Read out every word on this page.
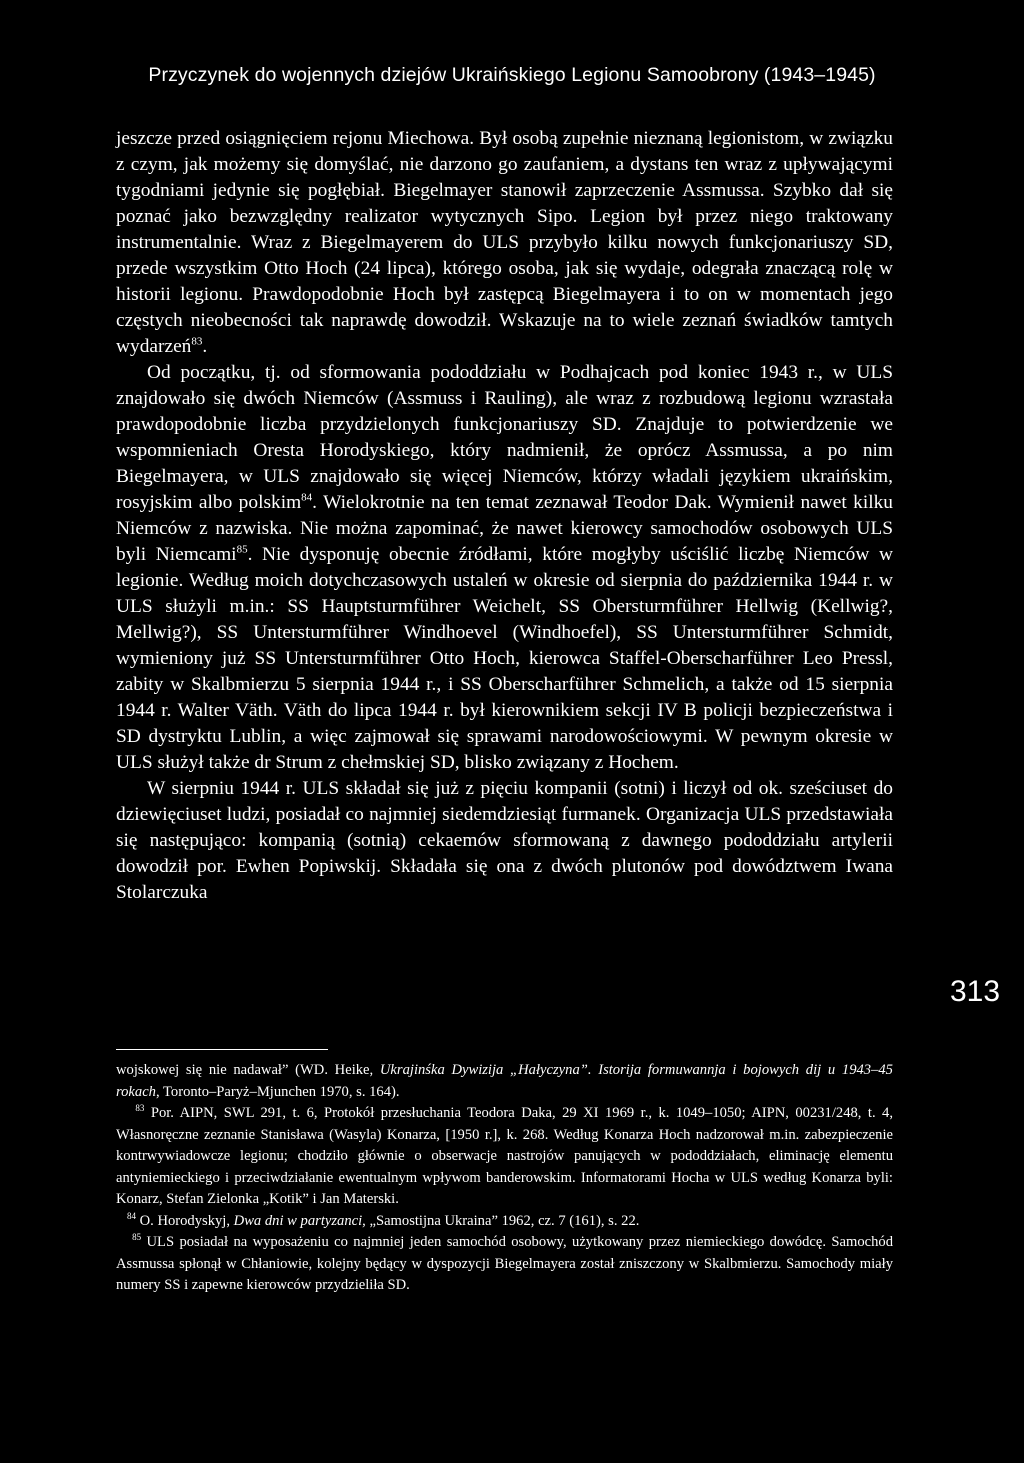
Przyczynek do wojennych dziejów Ukraińskiego Legionu Samoobrony (1943–1945)

jeszcze przed osiągnięciem rejonu Miechowa. Był osobą zupełnie nieznaną legionistom, w związku z czym, jak możemy się domyślać, nie darzono go zaufaniem, a dystans ten wraz z upływającymi tygodniami jedynie się pogłębiał. Biegelmayer stanowił zaprzeczenie Assmussa. Szybko dał się poznać jako bezwzględny realizator wytycznych Sipo. Legion był przez niego traktowany instrumentalnie. Wraz z Biegelmayerem do ULS przybyło kilku nowych funkcjonariuszy SD, przede wszystkim Otto Hoch (24 lipca), którego osoba, jak się wydaje, odegrała znaczącą rolę w historii legionu. Prawdopodobnie Hoch był zastępcą Biegelmayera i to on w momentach jego częstych nieobecności tak naprawdę dowodził. Wskazuje na to wiele zeznań świadków tamtych wydarzeń$^{83}$.

Od początku, tj. od sformowania pododdziału w Podhajcach pod koniec 1943 r., w ULS znajdowało się dwóch Niemców (Assmuss i Rauling), ale wraz z rozbudową legionu wzrastała prawdopodobnie liczba przydzielonych funkcjonariuszy SD. Znajduje to potwierdzenie we wspomnieniach Oresta Horodyskiego, który nadmienił, że oprócz Assmussa, a po nim Biegelmayera, w ULS znajdowało się więcej Niemców, którzy władali językiem ukraińskim, rosyjskim albo polskim$^{84}$. Wielokrotnie na ten temat zeznawał Teodor Dak. Wymienił nawet kilku Niemców z nazwiska. Nie można zapominać, że nawet kierowcy samochodów osobowych ULS byli Niemcami$^{85}$. Nie dysponuję obecnie źródłami, które mogłyby uściślić liczbę Niemców w legionie. Według moich dotychczasowych ustaleń w okresie od sierpnia do października 1944 r. w ULS służyli m.in.: SS Hauptsturmführer Weichelt, SS Obersturmführer Hellwig (Kellwig?, Mellwig?), SS Untersturmführer Windhoevel (Windhoefel), SS Untersturmführer Schmidt, wymieniony już SS Untersturmführer Otto Hoch, kierowca Staffel-Oberscharführer Leo Pressl, zabity w Skalbmierzu 5 sierpnia 1944 r., i SS Oberscharführer Schmelich, a także od 15 sierpnia 1944 r. Walter Väth. Väth do lipca 1944 r. był kierownikiem sekcji IV B policji bezpieczeństwa i SD dystryktu Lublin, a więc zajmował się sprawami narodowościowymi. W pewnym okresie w ULS służył także dr Strum z chełmskiej SD, blisko związany z Hochem.

W sierpniu 1944 r. ULS składał się już z pięciu kompanii (sotni) i liczył od ok. sześciuset do dziewięciuset ludzi, posiadał co najmniej siedemdziesiąt furmanek. Organizacja ULS przedstawiała się następująco: kompanią (sotnią) cekaemów sformowaną z dawnego pododdziału artylerii dowodził por. Ewhen Popiwskij. Składała się ona z dwóch plutonów pod dowództwem Iwana Stolarczuka

313

wojskowej się nie nadawał” (WD. Heike, Ukrajinśka Dywizija „Hałyczyna”. Istorija formuwannja i bojowych dij u 1943–45 rokach, Toronto–Paryż–Mjunchen 1970, s. 164).

$^{83}$ Por. AIPN, SWL 291, t. 6, Protokół przesłuchania Teodora Daka, 29 XI 1969 r., k. 1049–1050; AIPN, 00231/248, t. 4, Własnoręczne zeznanie Stanisława (Wasyla) Konarza, [1950 r.], k. 268. Według Konarza Hoch nadzorował m.in. zabezpieczenie kontrwywiadowcze legionu; chodziło głównie o obserwacje nastrojów panujących w pododdziałach, eliminację elementu antyniemieckiego i przeciwdziałanie ewentualnym wpływom banderowskim. Informatorami Hocha w ULS według Konarza byli: Konarz, Stefan Zielonka „Kotik” i Jan Materski.

$^{84}$ O. Horodyskyj, Dwa dni w partyzanci, „Samostijna Ukraina” 1962, cz. 7 (161), s. 22.

$^{85}$ ULS posiadał na wyposażeniu co najmniej jeden samochód osobowy, użytkowany przez niemieckiego dowódcę. Samochód Assmussa spłonął w Chłaniowie, kolejny będący w dyspozycji Biegelmayera został zniszczony w Skalbmierzu. Samochody miały numery SS i zapewne kierowców przydzieliła SD.
